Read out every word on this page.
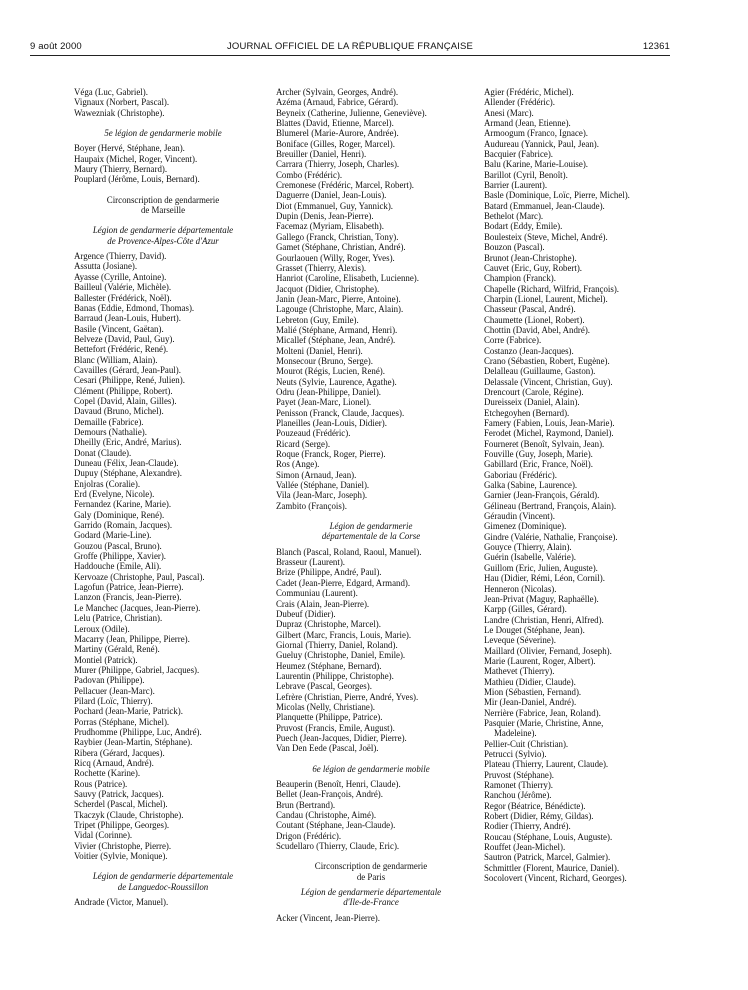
9 août 2000	JOURNAL OFFICIEL DE LA RÉPUBLIQUE FRANÇAISE	12361
Véga (Luc, Gabriel).
Vignaux (Norbert, Pascal).
Wawezniak (Christophe).
5e légion de gendarmerie mobile
Boyer (Hervé, Stéphane, Jean).
Haupaix (Michel, Roger, Vincent).
Maury (Thierry, Bernard).
Pouplard (Jérôme, Louis, Bernard).
Circonscription de gendarmerie
de Marseille
Légion de gendarmerie départementale
de Provence-Alpes-Côte d'Azur
Argence (Thierry, David).
Assutta (Josiane).
Ayasse (Cyrille, Antoine).
Bailleul (Valérie, Michèle).
Ballester (Frédérick, Noël).
Banas (Eddie, Edmond, Thomas).
Barraud (Jean-Louis, Hubert).
Basile (Vincent, Gaëtan).
Belveze (David, Paul, Guy).
Bettefort (Frédéric, René).
Blanc (William, Alain).
Cavailles (Gérard, Jean-Paul).
Cesari (Philippe, René, Julien).
Clément (Philippe, Robert).
Copel (David, Alain, Gilles).
Davaud (Bruno, Michel).
Demaille (Fabrice).
Demours (Nathalie).
Dheilly (Eric, André, Marius).
Donat (Claude).
Duneau (Félix, Jean-Claude).
Dupuy (Stéphane, Alexandre).
Enjolras (Coralie).
Erd (Evelyne, Nicole).
Fernandez (Karine, Marie).
Galy (Dominique, René).
Garrido (Romain, Jacques).
Godard (Marie-Line).
Gouzou (Pascal, Bruno).
Groffe (Philippe, Xavier).
Haddouche (Emile, Ali).
Kervoaze (Christophe, Paul, Pascal).
Lagofun (Patrice, Jean-Pierre).
Lanzon (Francis, Jean-Pierre).
Le Manchec (Jacques, Jean-Pierre).
Lelu (Patrice, Christian).
Leroux (Odile).
Macarry (Jean, Philippe, Pierre).
Martiny (Gérald, René).
Montiel (Patrick).
Murer (Philippe, Gabriel, Jacques).
Padovan (Philippe).
Pellacuer (Jean-Marc).
Pilard (Loïc, Thierry).
Pochard (Jean-Marie, Patrick).
Porras (Stéphane, Michel).
Prudhomme (Philippe, Luc, André).
Raybier (Jean-Martin, Stéphane).
Ribera (Gérard, Jacques).
Ricq (Arnaud, André).
Rochette (Karine).
Rous (Patrice).
Sauvy (Patrick, Jacques).
Scherdel (Pascal, Michel).
Tkaczyk (Claude, Christophe).
Tripet (Philippe, Georges).
Vidal (Corinne).
Vivier (Christophe, Pierre).
Voitier (Sylvie, Monique).
Légion de gendarmerie départementale
de Languedoc-Roussillon
Andrade (Victor, Manuel).
Archer (Sylvain, Georges, André).
Azéma (Arnaud, Fabrice, Gérard).
Beyneix (Catherine, Julienne, Geneviève).
Blattes (David, Etienne, Marcel).
Blumerel (Marie-Aurore, Andrée).
Boniface (Gilles, Roger, Marcel).
Breuiller (Daniel, Henri).
Carrara (Thierry, Joseph, Charles).
Combo (Frédéric).
Cremonese (Frédéric, Marcel, Robert).
Daguerre (Daniel, Jean-Louis).
Diot (Emmanuel, Guy, Yannick).
Dupin (Denis, Jean-Pierre).
Facemaz (Myriam, Elisabeth).
Gallego (Franck, Christian, Tony).
Gamet (Stéphane, Christian, André).
Gourlaouen (Willy, Roger, Yves).
Grasset (Thierry, Alexis).
Hanriot (Caroline, Elisabeth, Lucienne).
Jacquot (Didier, Christophe).
Janin (Jean-Marc, Pierre, Antoine).
Lagouge (Christophe, Marc, Alain).
Lebreton (Guy, Emile).
Malié (Stéphane, Armand, Henri).
Micallef (Stéphane, Jean, André).
Molteni (Daniel, Henri).
Monsecour (Bruno, Serge).
Mourot (Régis, Lucien, René).
Neuts (Sylvie, Laurence, Agathe).
Odru (Jean-Philippe, Daniel).
Payet (Jean-Marc, Lionel).
Penisson (Franck, Claude, Jacques).
Planeilles (Jean-Louis, Didier).
Pouzeaud (Frédéric).
Ricard (Serge).
Roque (Franck, Roger, Pierre).
Ros (Ange).
Simon (Arnaud, Jean).
Vallée (Stéphane, Daniel).
Vila (Jean-Marc, Joseph).
Zambito (François).
Légion de gendarmerie
départementale de la Corse
Blanch (Pascal, Roland, Raoul, Manuel).
Brasseur (Laurent).
Brize (Philippe, André, Paul).
Cadet (Jean-Pierre, Edgard, Armand).
Communiau (Laurent).
Crais (Alain, Jean-Pierre).
Dubeuf (Didier).
Dupraz (Christophe, Marcel).
Gilbert (Marc, Francis, Louis, Marie).
Giornal (Thierry, Daniel, Roland).
Gueluy (Christophe, Daniel, Emile).
Heumez (Stéphane, Bernard).
Laurentin (Philippe, Christophe).
Lebrave (Pascal, Georges).
Lefrère (Christian, Pierre, André, Yves).
Micolas (Nelly, Christiane).
Planquette (Philippe, Patrice).
Pruvost (Francis, Emile, August).
Puech (Jean-Jacques, Didier, Pierre).
Van Den Eede (Pascal, Joël).
6e légion de gendarmerie mobile
Beauperin (Benoît, Henri, Claude).
Bellet (Jean-François, André).
Brun (Bertrand).
Candau (Christophe, Aimé).
Coutant (Stéphane, Jean-Claude).
Drigon (Frédéric).
Scudellaro (Thierry, Claude, Eric).
Circonscription de gendarmerie
de Paris
Légion de gendarmerie départementale
d'Ile-de-France
Acker (Vincent, Jean-Pierre).
Agier (Frédéric, Michel).
Allender (Frédéric).
Anesi (Marc).
Armand (Jean, Etienne).
Armoogum (Franco, Ignace).
Audureau (Yannick, Paul, Jean).
Bacquier (Fabrice).
Balu (Karine, Marie-Louise).
Barillot (Cyril, Benoît).
Barrier (Laurent).
Basle (Dominique, Loïc, Pierre, Michel).
Batard (Emmanuel, Jean-Claude).
Bethelot (Marc).
Bodart (Eddy, Emile).
Boulesteix (Steve, Michel, André).
Bouzon (Pascal).
Brunot (Jean-Christophe).
Cauvet (Eric, Guy, Robert).
Champion (Franck).
Chapelle (Richard, Wilfrid, François).
Charpin (Lionel, Laurent, Michel).
Chasseur (Pascal, André).
Chaumette (Lionel, Robert).
Chottin (David, Abel, André).
Corre (Fabrice).
Costanzo (Jean-Jacques).
Crano (Sébastien, Robert, Eugène).
Delalleau (Guillaume, Gaston).
Delassale (Vincent, Christian, Guy).
Drencourt (Carole, Régine).
Dureisseix (Daniel, Alain).
Etchegoyhen (Bernard).
Famery (Fabien, Louis, Jean-Marie).
Ferodet (Michel, Raymond, Daniel).
Fourneret (Benoît, Sylvain, Jean).
Fouville (Guy, Joseph, Marie).
Gabillard (Eric, France, Noël).
Gaboriau (Frédéric).
Galka (Sabine, Laurence).
Garnier (Jean-François, Gérald).
Gélineau (Bertrand, François, Alain).
Géraudin (Vincent).
Gimenez (Dominique).
Gindre (Valérie, Nathalie, Françoise).
Gouyce (Thierry, Alain).
Guérin (Isabelle, Valérie).
Guillom (Eric, Julien, Auguste).
Hau (Didier, Rémi, Léon, Cornil).
Henneron (Nicolas).
Jean-Privat (Maguy, Raphaëlle).
Karpp (Gilles, Gérard).
Landre (Christian, Henri, Alfred).
Le Douget (Stéphane, Jean).
Leveque (Séverine).
Maillard (Olivier, Fernand, Joseph).
Marie (Laurent, Roger, Albert).
Mathevet (Thierry).
Mathieu (Didier, Claude).
Mion (Sébastien, Fernand).
Mir (Jean-Daniel, André).
Nerrière (Fabrice, Jean, Roland).
Pasquier (Marie, Christine, Anne,
Madeleine).
Pellier-Cuit (Christian).
Petrucci (Sylvio).
Plateau (Thierry, Laurent, Claude).
Pruvost (Stéphane).
Ramonet (Thierry).
Ranchou (Jérôme).
Regor (Béatrice, Bénédicte).
Robert (Didier, Rémy, Gildas).
Rodier (Thierry, André).
Roucau (Stéphane, Louis, Auguste).
Rouffet (Jean-Michel).
Sautron (Patrick, Marcel, Galmier).
Schmittler (Florent, Maurice, Daniel).
Socolovert (Vincent, Richard, Georges).
